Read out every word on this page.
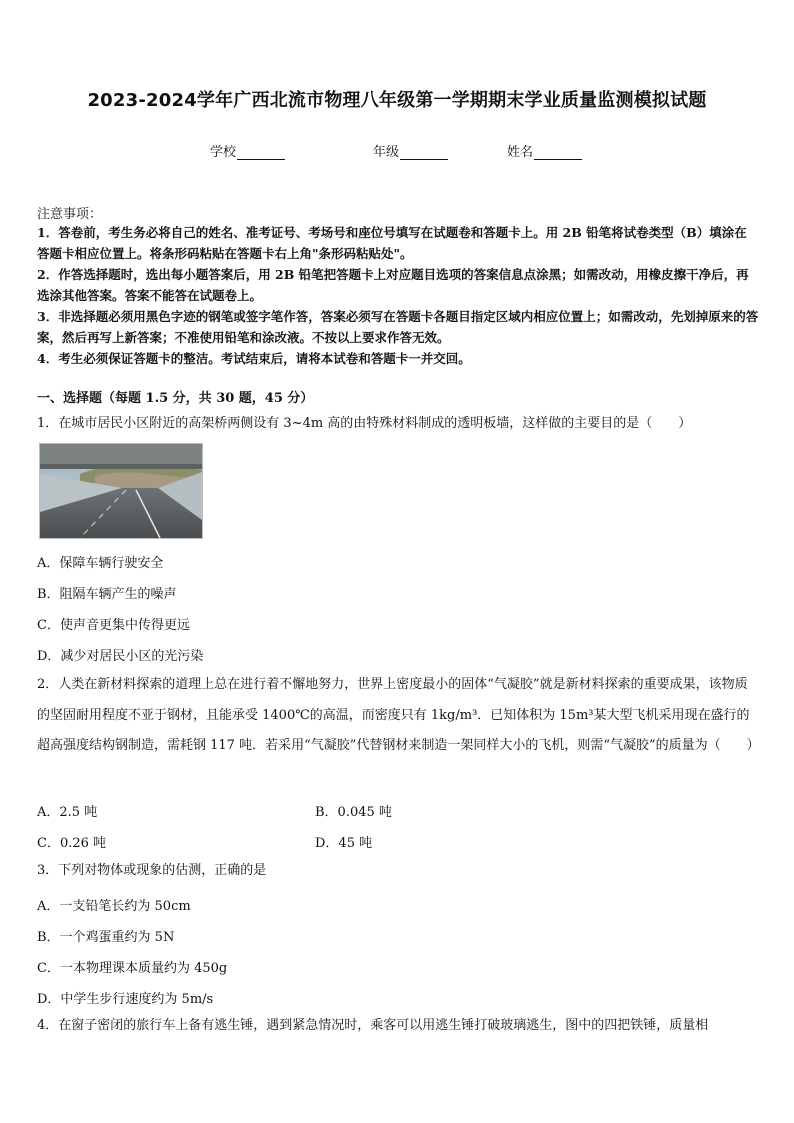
2023-2024学年广西北流市物理八年级第一学期期末学业质量监测模拟试题
学校	年级	姓名
注意事项：

1．答卷前，考生务必将自己的姓名、准考证号、考场号和座位号填写在试题卷和答题卡上。用 2B 铅笔将试卷类型（B）填涂在答题卡相应位置上。将条形码粘贴在答题卡右上角"条形码粘贴处"。

2．作答选择题时，选出每小题答案后，用 2B 铅笔把答题卡上对应题目选项的答案信息点涂黑；如需改动，用橡皮擦干净后，再选涂其他答案。答案不能答在试题卷上。

3．非选择题必须用黑色字迹的钢笔或签字笔作答，答案必须写在答题卡各题目指定区域内相应位置上；如需改动，先划掉原来的答案，然后再写上新答案；不准使用铅笔和涂改液。不按以上要求作答无效。

4．考生必须保证答题卡的整洁。考试结束后，请将本试卷和答题卡一并交回。

一、选择题（每题 1.5 分，共 30 题，45 分）
1．在城市居民小区附近的高架桥两侧设有 3~4m 高的由特殊材料制成的透明板墙，这样做的主要目的是（　　）
A．保障车辆行驶安全
B．阻隔车辆产生的噪声
C．使声音更集中传得更远
D．减少对居民小区的光污染
2．人类在新材料探索的道理上总在进行着不懈地努力，世界上密度最小的固体“气凝胶”就是新材料探索的重要成果，该物质的坚固耐用程度不亚于钢材，且能承受 1400℃的高温，而密度只有 1kg/m³．已知体积为 15m³某大型飞机采用现在盛行的超高强度结构钢制造，需耗钢 117 吨．若采用“气凝胶”代替钢材来制造一架同样大小的飞机，则需“气凝胶”的质量为（　　）
A．2.5 吨	B．0.045 吨
C．0.26 吨	D．45 吨
3．下列对物体或现象的估测，正确的是
A．一支铅笔长约为 50cm
B．一个鸡蛋重约为 5N
C．一本物理课本质量约为 450g
D．中学生步行速度约为 5m/s
4．在窗子密闭的旅行车上备有逃生锤，遇到紧急情况时，乘客可以用逃生锤打破玻璃逃生，图中的四把铁锤，质量相
